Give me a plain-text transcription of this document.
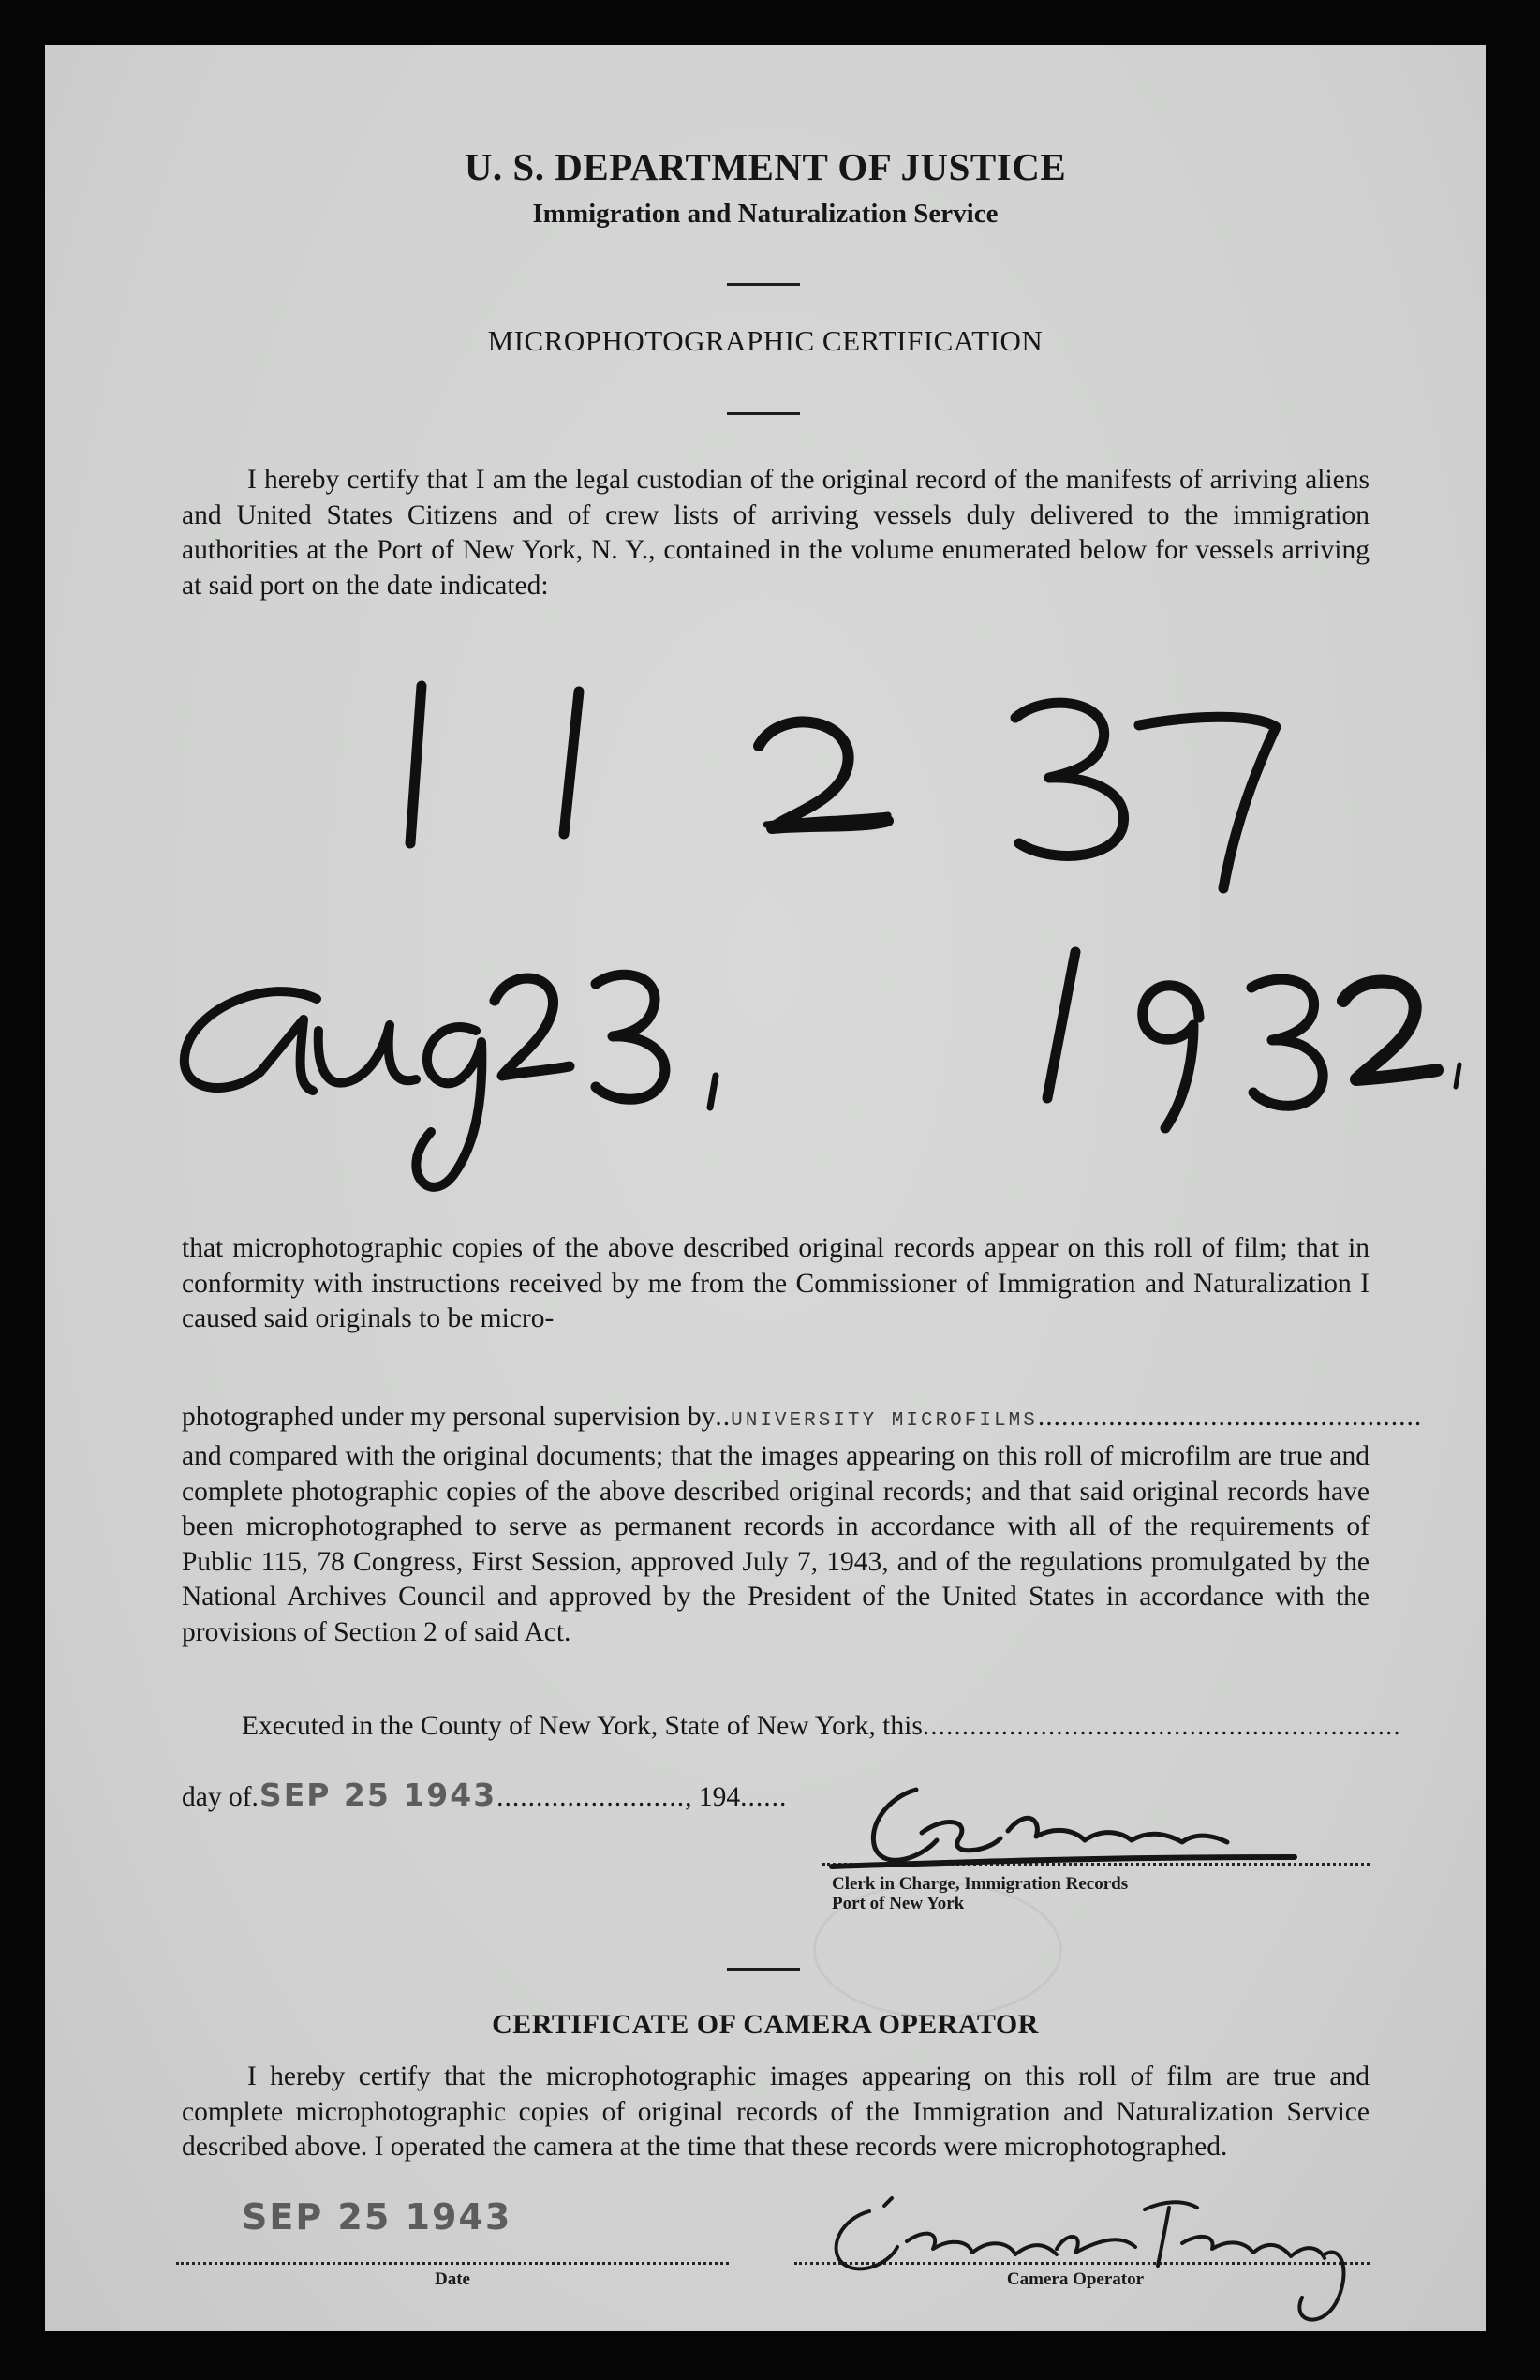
U. S. DEPARTMENT OF JUSTICE
Immigration and Naturalization Service
MICROPHOTOGRAPHIC CERTIFICATION

I hereby certify that I am the legal custodian of the original record of the manifests of arriving aliens and United States Citizens and of crew lists of arriving vessels duly delivered to the immigration authorities at the Port of New York, N. Y., contained in the volume enumerated below for vessels arriving at said port on the date indicated:

that microphotographic copies of the above described original records appear on this roll of film; that in conformity with instructions received by me from the Commissioner of Immigration and Naturalization I caused said originals to be micro-

photographed under my personal supervision by..UNIVERSITY MICROFILMS.................................................

and compared with the original documents; that the images appearing on this roll of microfilm are true and complete photographic copies of the above described original records; and that said original records have been microphotographed to serve as permanent records in accordance with all of the requirements of Public 115, 78 Congress, First Session, approved July 7, 1943, and of the regulations promulgated by the National Archives Council and approved by the President of the United States in accordance with the provisions of Section 2 of said Act.

Executed in the County of New York, State of New York, this.............................................................
day of.SEP 25 1943........................, 194......
Clerk in Charge, Immigration Records
Port of New York
CERTIFICATE OF CAMERA OPERATOR

I hereby certify that the microphotographic images appearing on this roll of film are true and complete microphotographic copies of original records of the Immigration and Naturalization Service described above. I operated the camera at the time that these records were microphotographed.

SEP 25 1943
Date	Camera Operator
